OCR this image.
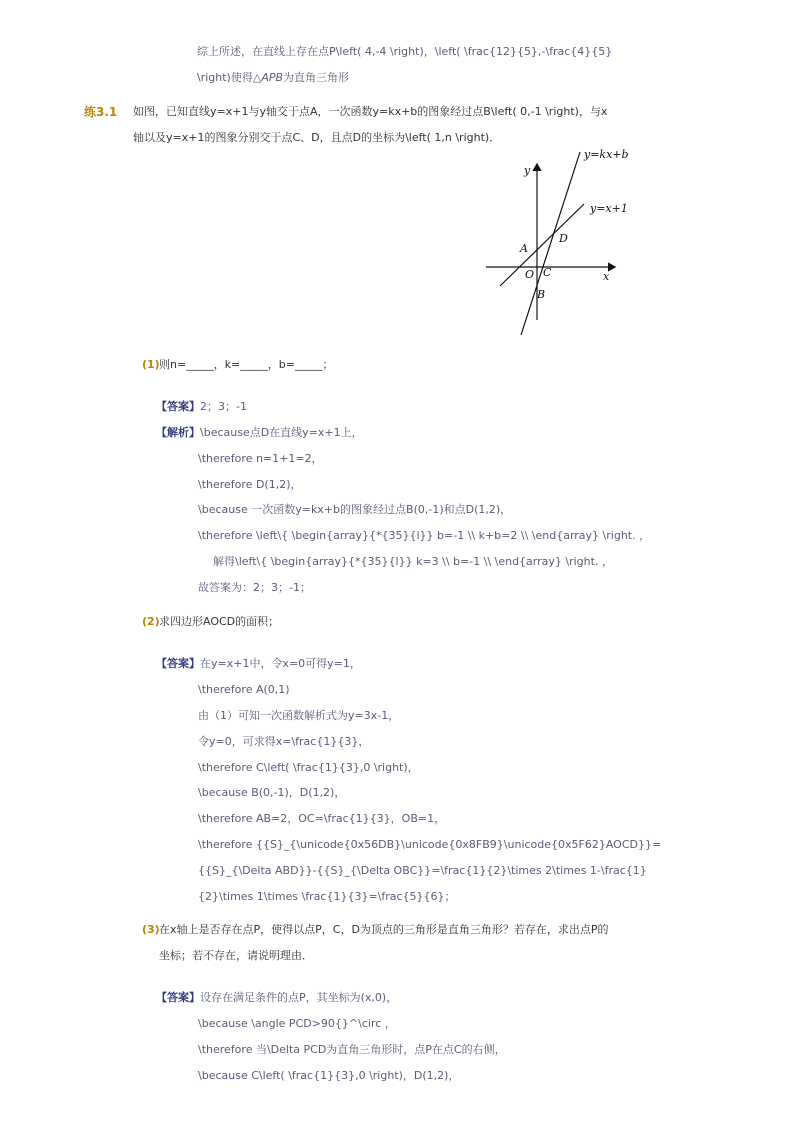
综上所述，在直线上存在点P\left( 4,-4 \right)，\left( \frac{12}{5},-\frac{4}{5}
\right)使得△APB为直角三角形
练3.1 如图，已知直线y=x+1与y轴交于点A，一次函数y=kx+b的图象经过点B\left( 0,-1 \right)，与x
轴以及y=x+1的图象分别交于点C、D，且点D的坐标为\left( 1,n \right)．
y=kx+b
y=x+1
y
x
A
D
O C
B
(1) 则n=_____，k=_____，b=_____；
【答案】2；3；-1
【解析】\because点D在直线y=x+1上，
\therefore n=1+1=2，
\therefore D(1,2)，
\because 一次函数y=kx+b的图象经过点B(0,-1)和点D(1,2)，
\therefore \left\{ \begin{array}{*{35}{l}} b=-1 \\ k+b=2 \\ \end{array} \right. ，
解得\left\{ \begin{array}{*{35}{l}} k=3 \\ b=-1 \\ \end{array} \right. ，
故答案为：2；3；-1；
(2) 求四边形AOCD的面积；
【答案】在y=x+1中，令x=0可得y=1，
\therefore A(0,1)
由（1）可知一次函数解析式为y=3x-1，
令y=0，可求得x=\frac{1}{3}，
\therefore C\left( \frac{1}{3},0 \right)，
\because B(0,-1)，D(1,2)，
\therefore AB=2，OC=\frac{1}{3}，OB=1，
\therefore {{S}_{\unicode{0x56DB}\unicode{0x8FB9}\unicode{0x5F62}AOCD}}=
{{S}_{\Delta ABD}}-{{S}_{\Delta OBC}}=\frac{1}{2}\times 2\times 1-\frac{1}
{2}\times 1\times \frac{1}{3}=\frac{5}{6}；
(3) 在x轴上是否存在点P，使得以点P，C，D为顶点的三角形是直角三角形？若存在，求出点P的
坐标；若不存在，请说明理由．
【答案】设存在满足条件的点P，其坐标为(x,0)，
\because \angle PCD>90{}^\circ ，
\therefore 当\Delta PCD为直角三角形时，点P在点C的右侧，
\because C\left( \frac{1}{3},0 \right)，D(1,2)，
